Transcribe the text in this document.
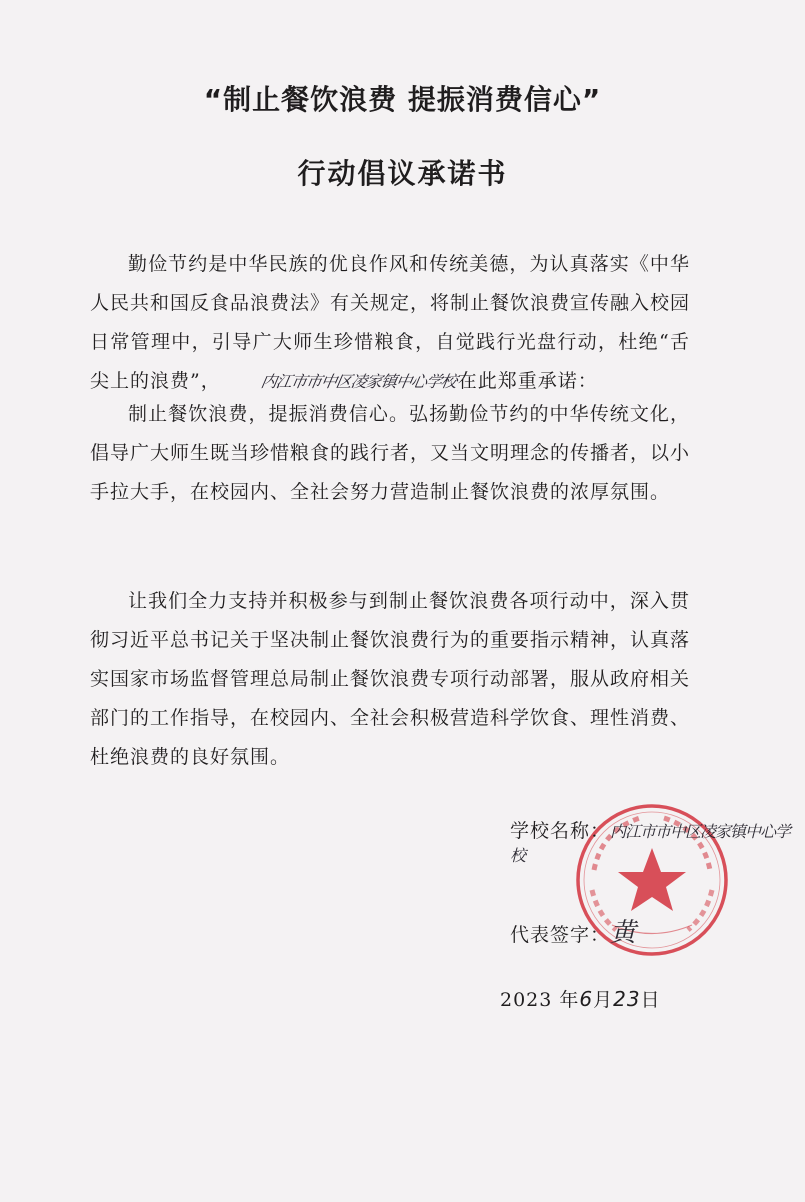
“制止餐饮浪费 提振消费信心”
行动倡议承诺书

勤俭节约是中华民族的优良作风和传统美德，为认真落实《中华人民共和国反食品浪费法》有关规定，将制止餐饮浪费宣传融入校园日常管理中，引导广大师生珍惜粮食，自觉践行光盘行动，杜绝“舌尖上的浪费”， 内江市市中区凌家镇中心学校在此郑重承诺：

制止餐饮浪费，提振消费信心。弘扬勤俭节约的中华传统文化，倡导广大师生既当珍惜粮食的践行者，又当文明理念的传播者，以小手拉大手，在校园内、全社会努力营造制止餐饮浪费的浓厚氛围。

让我们全力支持并积极参与到制止餐饮浪费各项行动中，深入贯彻习近平总书记关于坚决制止餐饮浪费行为的重要指示精神，认真落实国家市场监督管理总局制止餐饮浪费专项行动部署，服从政府相关部门的工作指导，在校园内、全社会积极营造科学饮食、理性消费、杜绝浪费的良好氛围。

学校名称：内江市市中区凌家镇中心学校
代表签字：黄
2023 年6月23日
